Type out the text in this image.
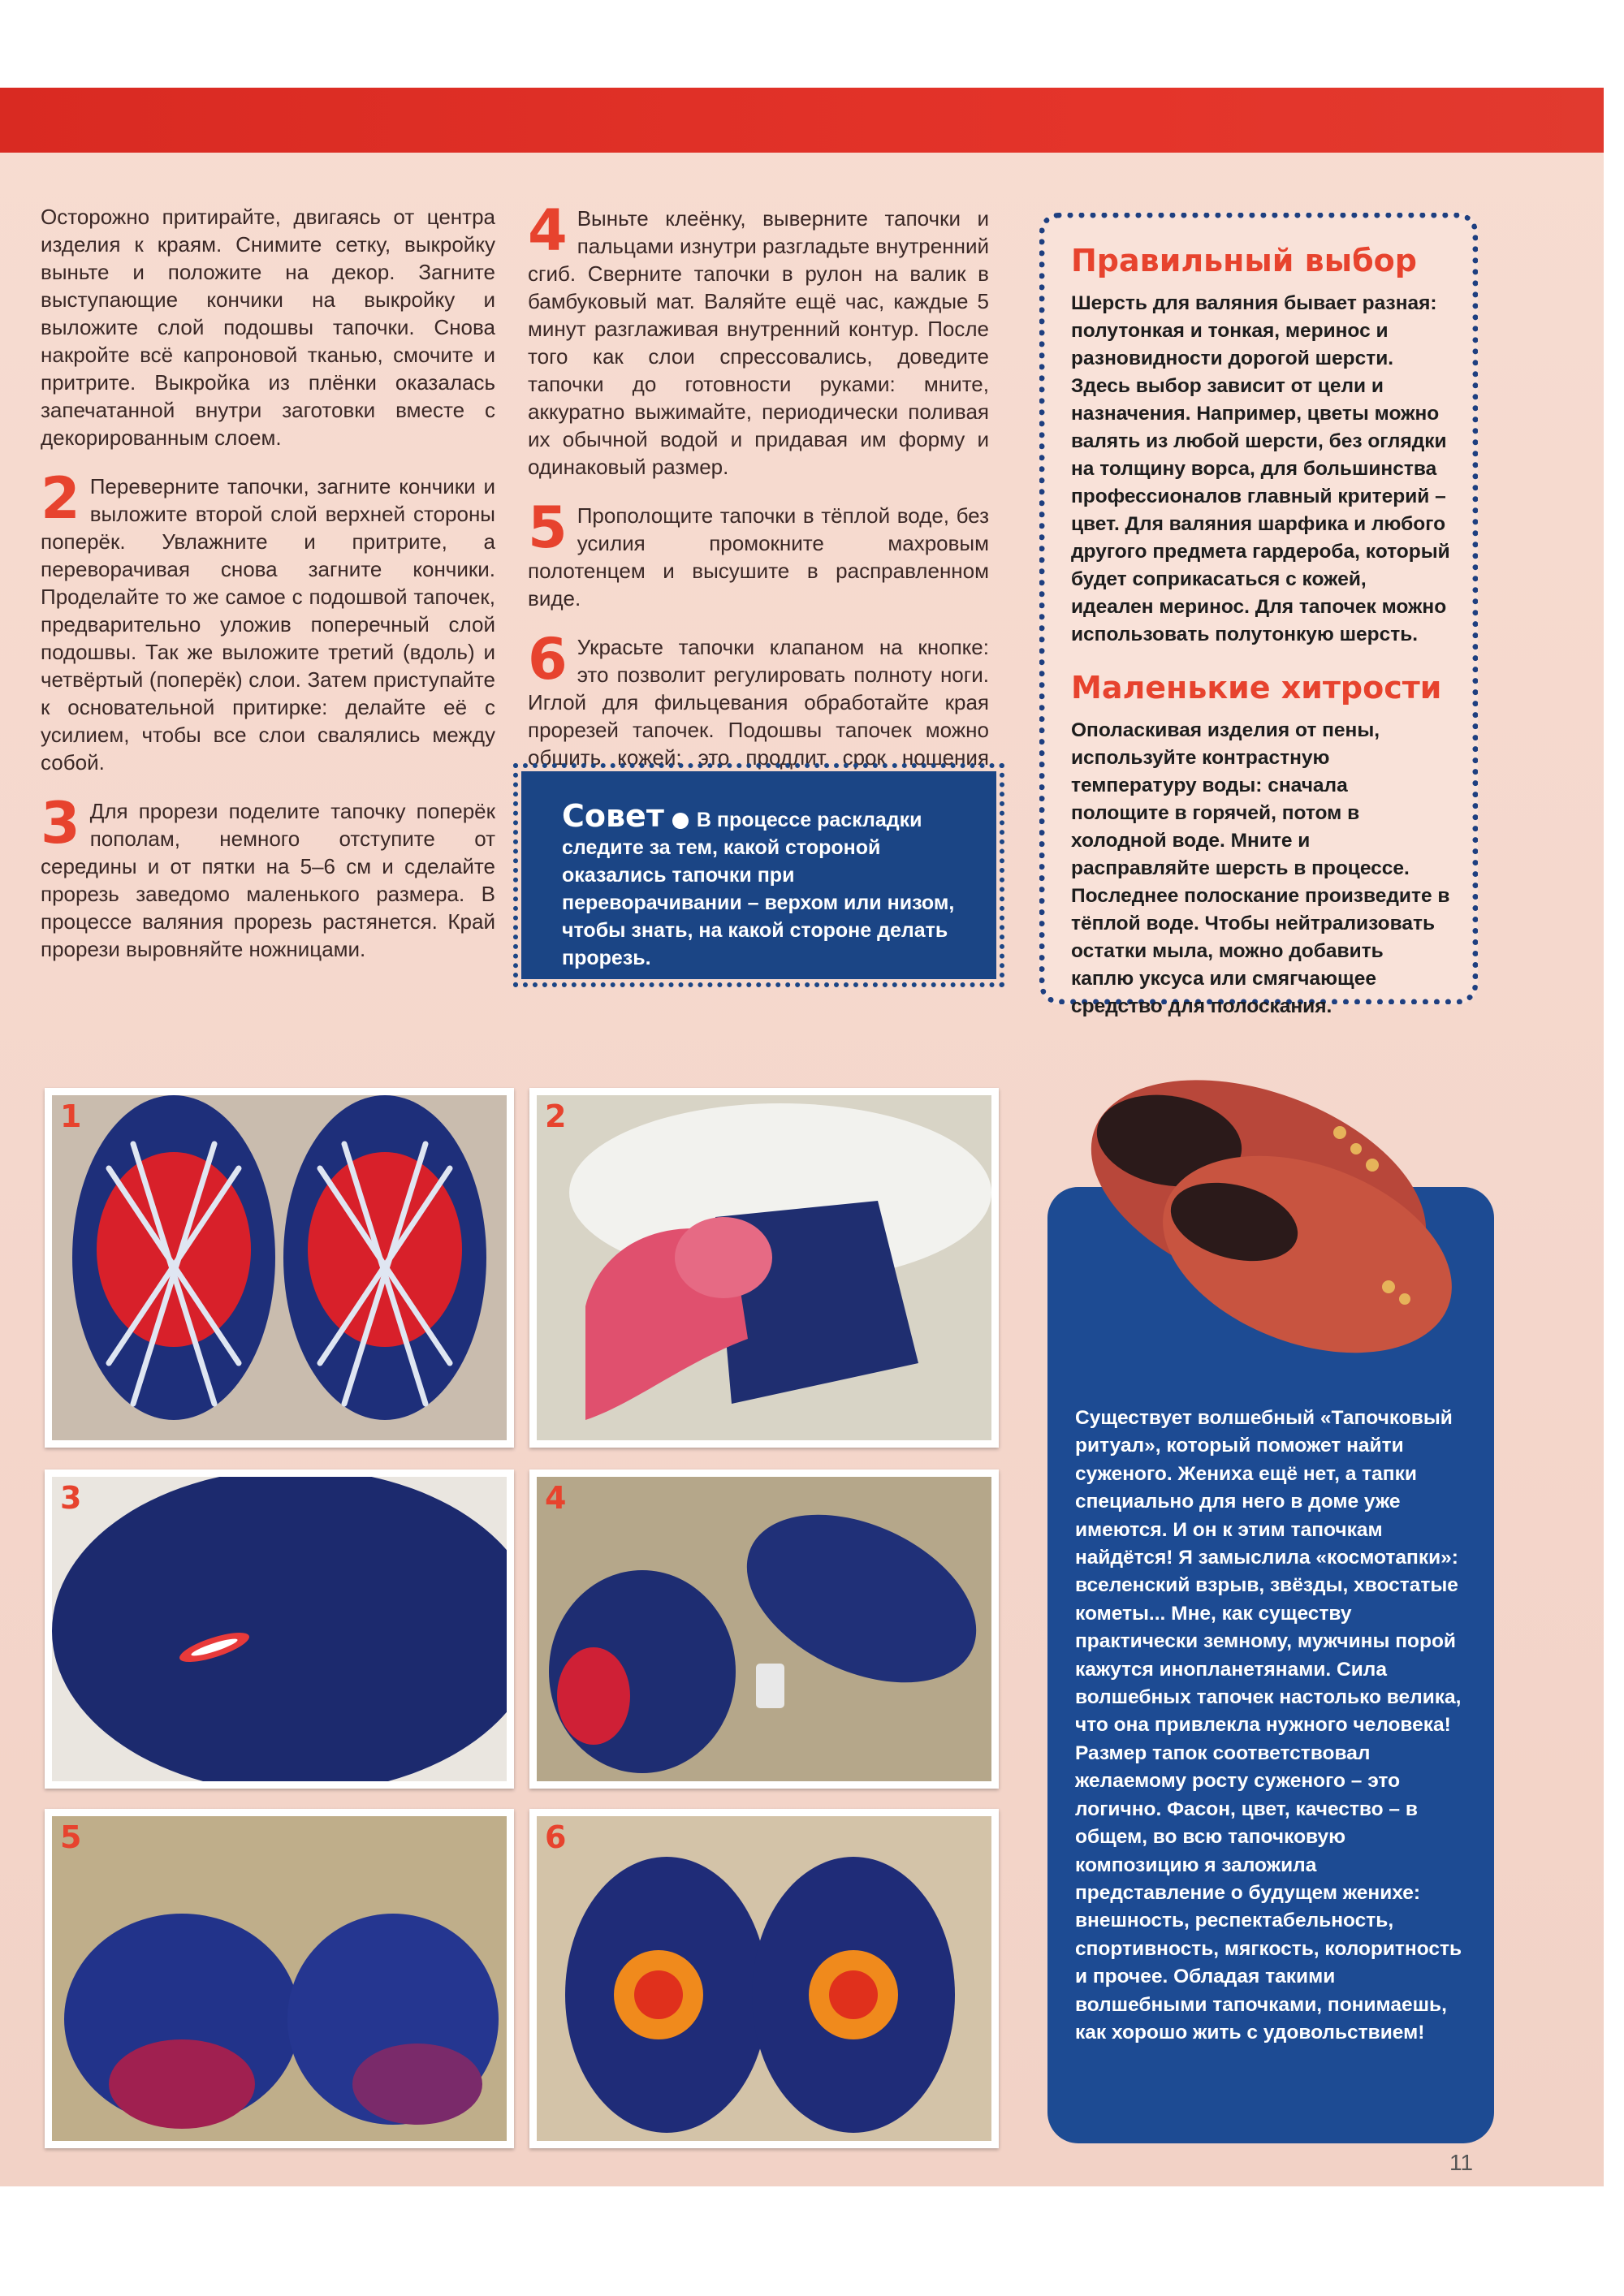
Осторожно притирайте, двигаясь от центра изделия к краям. Снимите сетку, выкройку выньте и положите на декор. Загните выступающие кончики на выкройку и выложите слой подошвы тапочки. Снова накройте всё капроновой тканью, смочите и притрите. Выкройка из плёнки оказалась запечатанной внутри заготовки вместе с декорированным слоем.

2 Переверните тапочки, загните кончики и выложите второй слой верхней стороны поперёк. Увлажните и притрите, а переворачивая снова загните кончики. Проделайте то же самое с подошвой тапочек, предварительно уложив поперечный слой подошвы. Так же выложите третий (вдоль) и четвёртый (поперёк) слои. Затем приступайте к основательной притирке: делайте её с усилием, чтобы все слои свалялись между собой.

3 Для прорези поделите тапочку поперёк пополам, немного отступите от середины и от пятки на 5–6 см и сделайте прорезь заведомо маленького размера. В процессе валяния прорезь растянется. Край прорези выровняйте ножницами.

4 Выньте клеёнку, выверните тапочки и пальцами изнутри разгладьте внутренний сгиб. Сверните тапочки в рулон на валик в бамбуковый мат. Валяйте ещё час, каждые 5 минут разглаживая внутренний контур. После того как слои спрессовались, доведите тапочки до готовности руками: мните, аккуратно выжимайте, периодически поливая их обычной водой и придавая им форму и одинаковый размер.

5 Прополощите тапочки в тёплой воде, без усилия промокните махровым полотенцем и высушите в расправленном виде.

6 Украсьте тапочки клапаном на кнопке: это позволит регулировать полноту ноги. Иглой для фильцевания обработайте края прорезей тапочек. Подошвы тапочек можно обшить кожей: это продлит срок ношения

Совет В процессе раскладки следите за тем, какой стороной оказались тапочки при переворачивании – верхом или низом, чтобы знать, на какой стороне делать прорезь.
Правильный выбор

Шерсть для валяния бывает разная: полутонкая и тонкая, меринос и разновидности дорогой шерсти. Здесь выбор зависит от цели и назначения. Например, цветы можно валять из любой шерсти, без оглядки на толщину ворса, для большинства профессионалов главный критерий – цвет. Для валяния шарфика и любого другого предмета гардероба, который будет соприкасаться с кожей, идеален меринос. Для тапочек можно использовать полутонкую шерсть.

Маленькие хитрости

Ополаскивая изделия от пены, используйте контрастную температуру воды: сначала полощите в горячей, потом в холодной воде. Мните и расправляйте шерсть в процессе. Последнее полоскание произведите в тёплой воде. Чтобы нейтрализовать остатки мыла, можно добавить каплю уксуса или смягчающее средство для полоскания.

1	2
3	4
5	6
Существует волшебный «Тапочковый ритуал», который поможет найти суженого. Жениха ещё нет, а тапки специально для него в доме уже имеются. И он к этим тапочкам найдётся! Я замыслила «космотапки»: вселенский взрыв, звёзды, хвостатые кометы... Мне, как существу практически земному, мужчины порой кажутся инопланетянами. Сила волшебных тапочек настолько велика, что она привлекла нужного человека! Размер тапок соответствовал желаемому росту суженого – это логично. Фасон, цвет, качество – в общем, во всю тапочковую композицию я заложила представление о будущем женихе: внешность, респектабельность, спортивность, мягкость, колоритность и прочее. Обладая такими волшебными тапочками, понимаешь, как хорошо жить с удовольствием!
11
